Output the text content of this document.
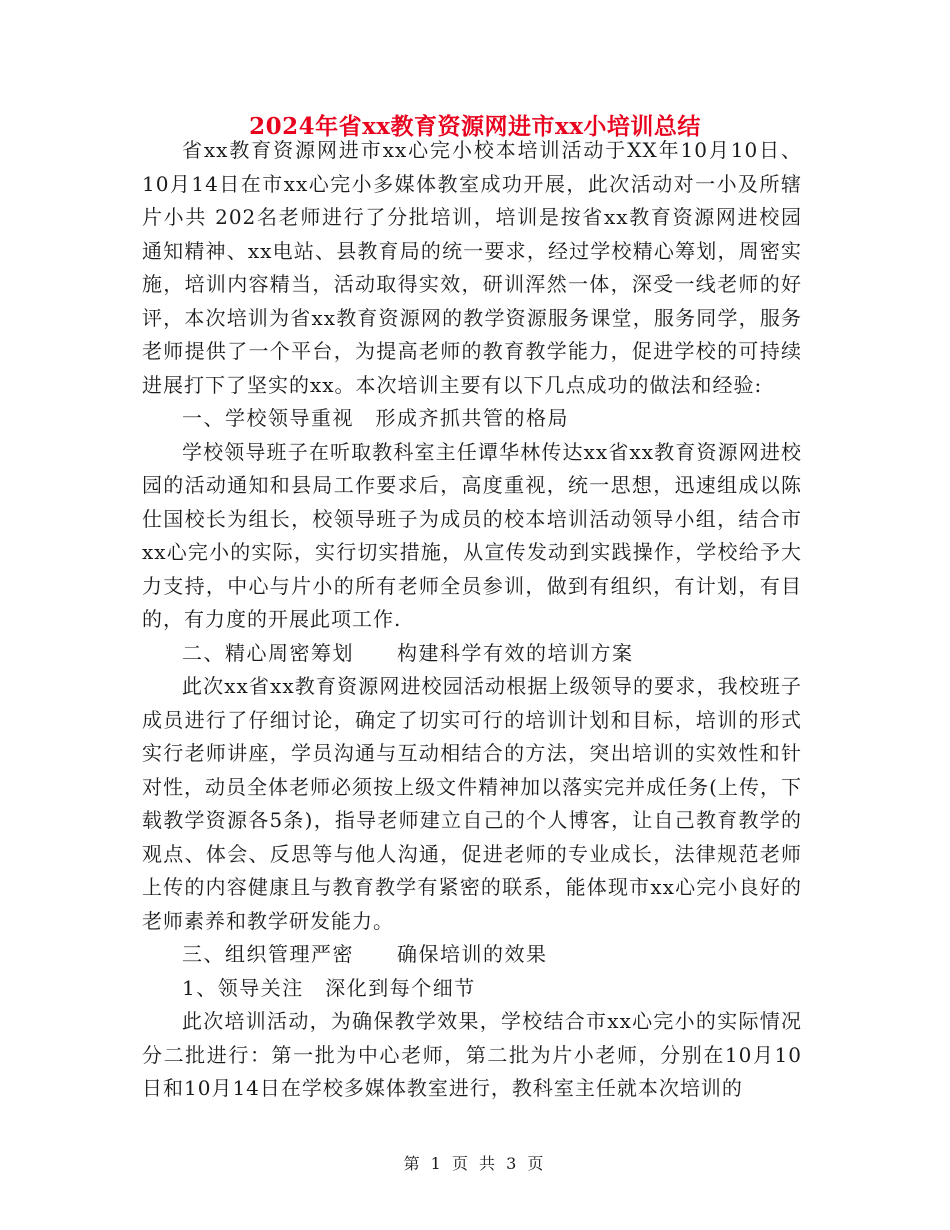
2024年省xx教育资源网进市xx小培训总结

省xx教育资源网进市xx心完小校本培训活动于XX年10月10日、10月14日在市xx心完小多媒体教室成功开展，此次活动对一小及所辖片小共 202名老师进行了分批培训，培训是按省xx教育资源网进校园通知精神、xx电站、县教育局的统一要求，经过学校精心筹划，周密实施，培训内容精当，活动取得实效，研训浑然一体，深受一线老师的好评，本次培训为省xx教育资源网的教学资源服务课堂，服务同学，服务老师提供了一个平台，为提高老师的教育教学能力，促进学校的可持续进展打下了坚实的xx。本次培训主要有以下几点成功的做法和经验:

一、学校领导重视　形成齐抓共管的格局

学校领导班子在听取教科室主任谭华林传达xx省xx教育资源网进校园的活动通知和县局工作要求后，高度重视，统一思想，迅速组成以陈仕国校长为组长，校领导班子为成员的校本培训活动领导小组，结合市xx心完小的实际，实行切实措施，从宣传发动到实践操作，学校给予大力支持，中心与片小的所有老师全员参训，做到有组织，有计划，有目的，有力度的开展此项工作.

二、精心周密筹划　　构建科学有效的培训方案

此次xx省xx教育资源网进校园活动根据上级领导的要求，我校班子成员进行了仔细讨论，确定了切实可行的培训计划和目标，培训的形式实行老师讲座，学员沟通与互动相结合的方法，突出培训的实效性和针对性，动员全体老师必须按上级文件精神加以落实完并成任务(上传，下载教学资源各5条)，指导老师建立自己的个人博客，让自己教育教学的观点、体会、反思等与他人沟通，促进老师的专业成长，法律规范老师上传的内容健康且与教育教学有紧密的联系，能体现市xx心完小良好的老师素养和教学研发能力。

三、组织管理严密　　确保培训的效果

1、领导关注　深化到每个细节

此次培训活动，为确保教学效果，学校结合市xx心完小的实际情况分二批进行：第一批为中心老师，第二批为片小老师，分别在10月10日和10月14日在学校多媒体教室进行，教科室主任就本次培训的

第 1 页 共 3 页
